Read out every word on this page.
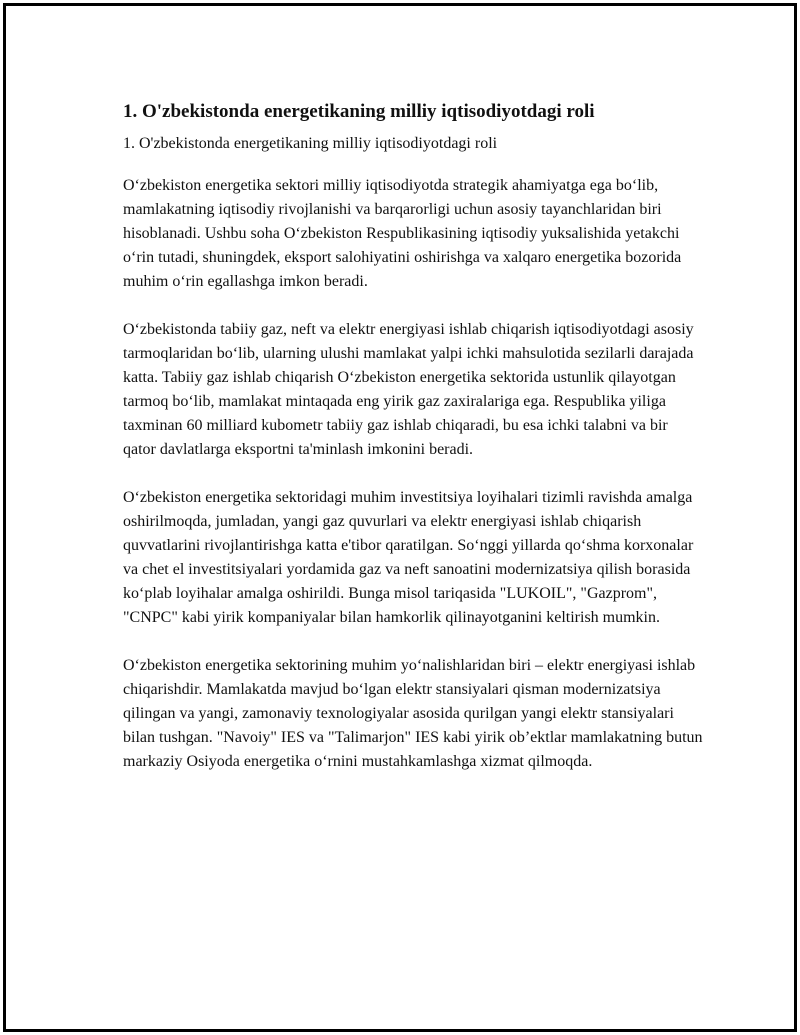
1. O'zbekistonda energetikaning milliy iqtisodiyotdagi roli

1. O'zbekistonda energetikaning milliy iqtisodiyotdagi roli

O‘zbekiston energetika sektori milliy iqtisodiyotda strategik ahamiyatga ega bo‘lib, mamlakatning iqtisodiy rivojlanishi va barqarorligi uchun asosiy tayanchlaridan biri hisoblanadi. Ushbu soha O‘zbekiston Respublikasining iqtisodiy yuksalishida yetakchi o‘rin tutadi, shuningdek, eksport salohiyatini oshirishga va xalqaro energetika bozorida muhim o‘rin egallashga imkon beradi.

O‘zbekistonda tabiiy gaz, neft va elektr energiyasi ishlab chiqarish iqtisodiyotdagi asosiy tarmoqlaridan bo‘lib, ularning ulushi mamlakat yalpi ichki mahsulotida sezilarli darajada katta. Tabiiy gaz ishlab chiqarish O‘zbekiston energetika sektorida ustunlik qilayotgan tarmoq bo‘lib, mamlakat mintaqada eng yirik gaz zaxiralariga ega. Respublika yiliga taxminan 60 milliard kubometr tabiiy gaz ishlab chiqaradi, bu esa ichki talabni va bir qator davlatlarga eksportni ta'minlash imkonini beradi.

O‘zbekiston energetika sektoridagi muhim investitsiya loyihalari tizimli ravishda amalga oshirilmoqda, jumladan, yangi gaz quvurlari va elektr energiyasi ishlab chiqarish quvvatlarini rivojlantirishga katta e'tibor qaratilgan. So‘nggi yillarda qo‘shma korxonalar va chet el investitsiyalari yordamida gaz va neft sanoatini modernizatsiya qilish borasida ko‘plab loyihalar amalga oshirildi. Bunga misol tariqasida "LUKOIL", "Gazprom", "CNPC" kabi yirik kompaniyalar bilan hamkorlik qilinayotganini keltirish mumkin.

O‘zbekiston energetika sektorining muhim yo‘nalishlaridan biri – elektr energiyasi ishlab chiqarishdir. Mamlakatda mavjud bo‘lgan elektr stansiyalari qisman modernizatsiya qilingan va yangi, zamonaviy texnologiyalar asosida qurilgan yangi elektr stansiyalari bilan tushgan. "Navoiy" IES va "Talimarjon" IES kabi yirik ob’ektlar mamlakatning butun markaziy Osiyoda energetika o‘rnini mustahkamlashga xizmat qilmoqda.
